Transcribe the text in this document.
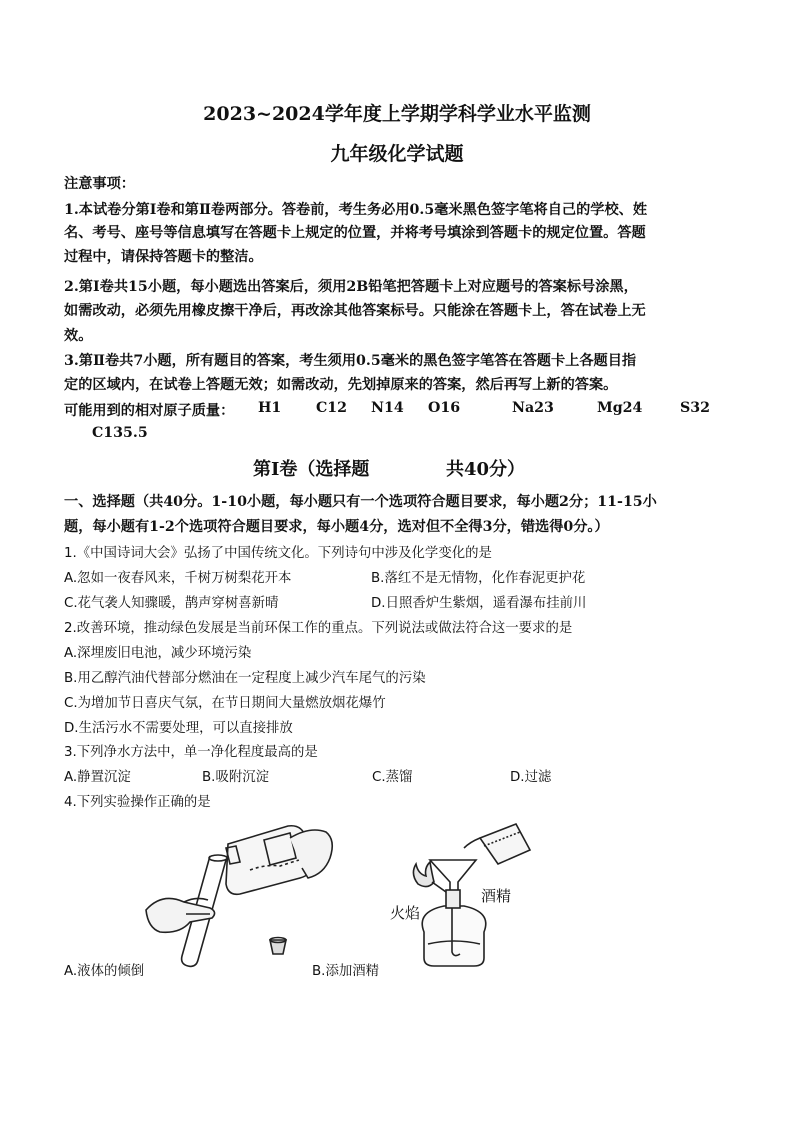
2023~2024学年度上学期学科学业水平监测
九年级化学试题
注意事项：
1.本试卷分第Ⅰ卷和第Ⅱ卷两部分。答卷前，考生务必用0.5毫米黑色签字笔将自己的学校、姓
名、考号、座号等信息填写在答题卡上规定的位置，并将考号填涂到答题卡的规定位置。答题
过程中，请保持答题卡的整洁。
2.第Ⅰ卷共15小题，每小题选出答案后，须用2B铅笔把答题卡上对应题号的答案标号涂黑，
如需改动，必须先用橡皮擦干净后，再改涂其他答案标号。只能涂在答题卡上，答在试卷上无
效。
3.第Ⅱ卷共7小题，所有题目的答案，考生须用0.5毫米的黑色签字笔答在答题卡上各题目指
定的区域内，在试卷上答题无效；如需改动，先划掉原来的答案，然后再写上新的答案。
可能用到的相对原子质量： H1 C12 N14 O16	Na23	Mg24	S32
C135.5
第Ⅰ卷（选择题	共40分）
一、选择题（共40分。1-10小题，每小题只有一个选项符合题目要求，每小题2分；11-15小
题，每小题有1-2个选项符合题目要求，每小题4分，选对但不全得3分，错选得0分。）
1.《中国诗词大会》弘扬了中国传统文化。下列诗句中涉及化学变化的是
A.忽如一夜春风来，千树万树梨花开本	B.落红不是无情物，化作春泥更护花
C.花气袭人知骤暖，鹊声穿树喜新晴	D.日照香炉生紫烟，遥看瀑布挂前川
2.改善环境，推动绿色发展是当前环保工作的重点。下列说法或做法符合这一要求的是
A.深埋废旧电池，减少环境污染
B.用乙醇汽油代替部分燃油在一定程度上减少汽车尾气的污染
C.为增加节日喜庆气氛，在节日期间大量燃放烟花爆竹
D.生活污水不需要处理，可以直接排放
3.下列净水方法中，单一净化程度最高的是
A.静置沉淀	B.吸附沉淀	C.蒸馏	D.过滤
4.下列实验操作正确的是
A.液体的倾倒
火焰
酒精
B.添加酒精
